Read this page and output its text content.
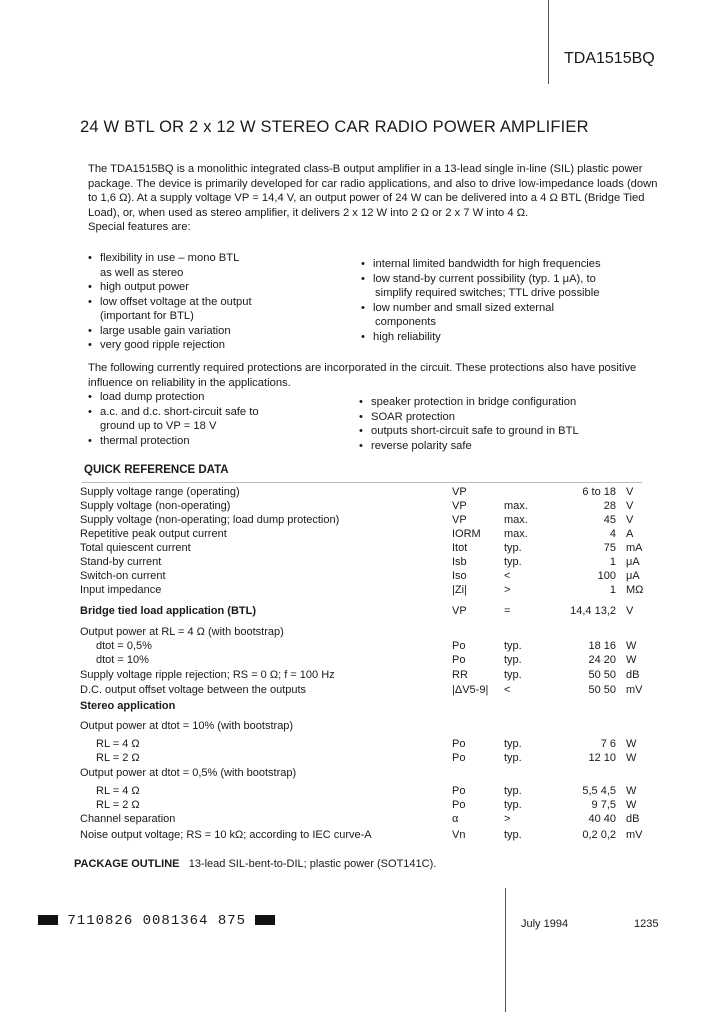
TDA1515BQ
24 W BTL OR 2 x 12 W STEREO CAR RADIO POWER AMPLIFIER

The TDA1515BQ is a monolithic integrated class-B output amplifier in a 13-lead single in-line (SIL) plastic power package. The device is primarily developed for car radio applications, and also to drive low-impedance loads (down to 1,6 Ω). At a supply voltage VP = 14,4 V, an output power of 24 W can be delivered into a 4 Ω BTL (Bridge Tied Load), or, when used as stereo amplifier, it delivers 2 x 12 W into 2 Ω or 2 x 7 W into 4 Ω.

Special features are:

• flexibility in use – mono BTL
as well as stereo
• high output power
• low offset voltage at the output
(important for BTL)
• large usable gain variation
• very good ripple rejection
• internal limited bandwidth for high frequencies
• low stand-by current possibility (typ. 1 μA), to
simplify required switches; TTL drive possible
• low number and small sized external
components
• high reliability
The following currently required protections are incorporated in the circuit. These protections also have positive influence on reliability in the applications.
• load dump protection
• a.c. and d.c. short-circuit safe to
ground up to VP = 18 V
• thermal protection
• speaker protection in bridge configuration
• SOAR protection
• outputs short-circuit safe to ground in BTL
• reverse polarity safe
QUICK REFERENCE DATA
Supply voltage range (operating)	VP	6 to 18 V
Supply voltage (non-operating)	VP	max.	28 V
Supply voltage (non-operating; load dump protection)	VP	max.	45 V
Repetitive peak output current	IORM max.	4 A
Total quiescent current	Itot	typ.	75 mA
Stand-by current	Isb	typ.	1 μA
Switch-on current	Iso	<	100 μA
Input impedance	|Zi|	>	1 MΩ
Bridge tied load application (BTL)	VP	=	14,4 13,2 V
Output power at RL = 4 Ω (with bootstrap)
dtot = 0,5%	Po	typ.	18 16 W
dtot = 10%	Po	typ.	24 20 W
Supply voltage ripple rejection; RS = 0 Ω; f = 100 Hz	RR	typ.	50 50 dB
D.C. output offset voltage between the outputs	|ΔV5-9| <	50 50 mV
Stereo application
Output power at dtot = 10% (with bootstrap)
RL = 4 Ω	Po	typ.	7 6 W
RL = 2 Ω	Po	typ.	12 10 W
Output power at dtot = 0,5% (with bootstrap)
RL = 4 Ω	Po	typ.	5,5 4,5 W
RL = 2 Ω	Po	typ.	9 7,5 W
Channel separation	α	>	40 40 dB
Noise output voltage; RS = 10 kΩ; according to IEC curve-A	Vn	typ.	0,2 0,2 mV
PACKAGE OUTLINE 13-lead SIL-bent-to-DIL; plastic power (SOT141C).
7110826 0081364 875	July 1994	1235
